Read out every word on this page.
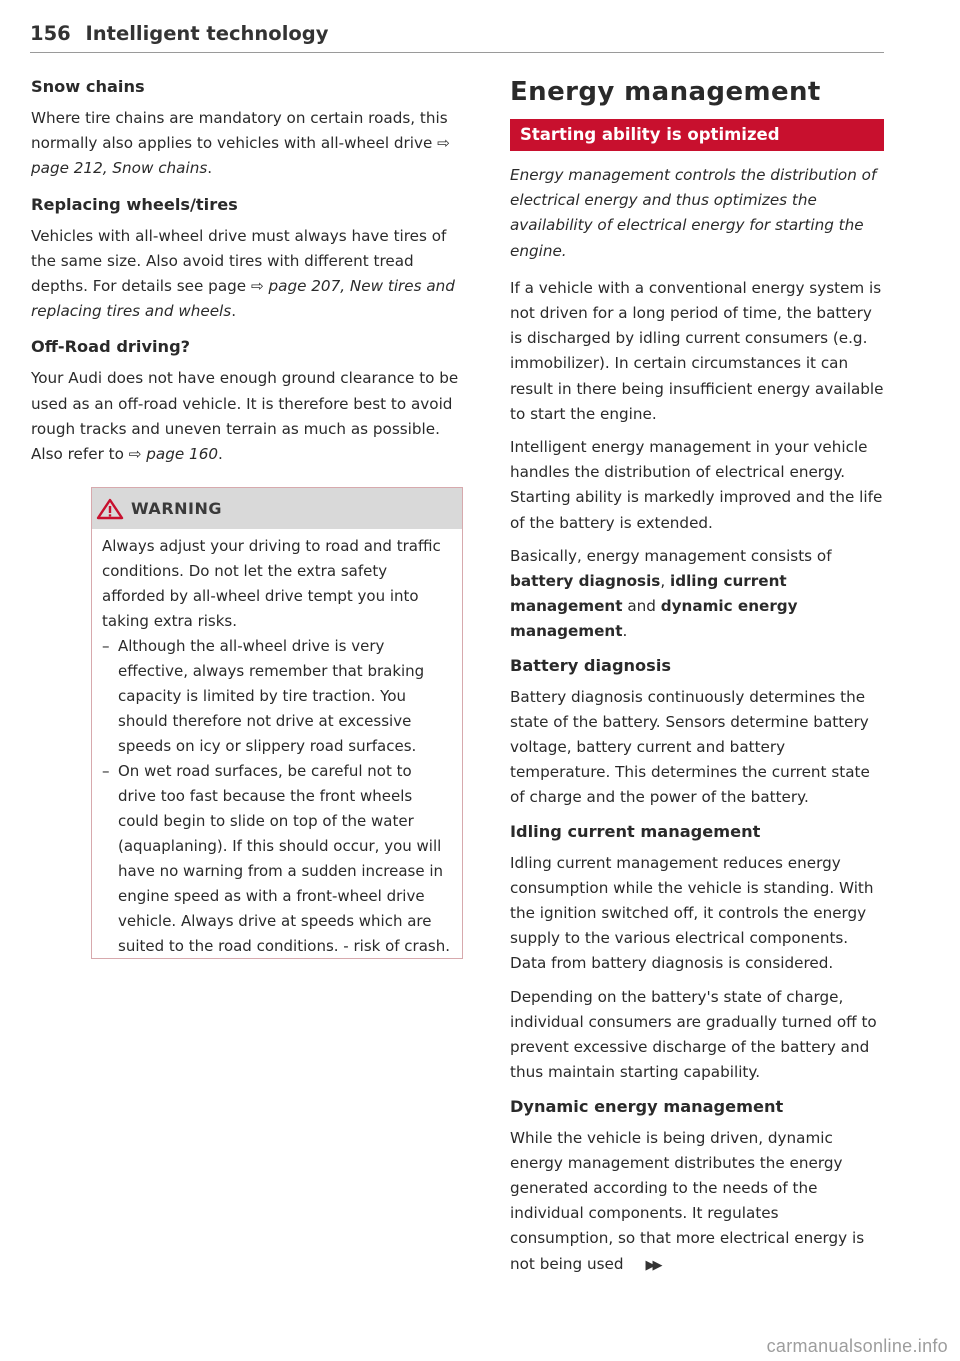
156 Intelligent technology
Snow chains

Where tire chains are mandatory on certain roads, this normally also applies to vehicles with all-wheel drive ⇨ page 212, Snow chains.

Replacing wheels/tires

Vehicles with all-wheel drive must always have tires of the same size. Also avoid tires with different tread depths. For details see page ⇨ page 207, New tires and replacing tires and wheels.

Off-Road driving?

Your Audi does not have enough ground clearance to be used as an off-road vehicle. It is therefore best to avoid rough tracks and uneven terrain as much as possible. Also refer to ⇨ page 160.

WARNING

Always adjust your driving to road and traffic conditions. Do not let the extra safety afforded by all-wheel drive tempt you into taking extra risks.

– Although the all-wheel drive is very effective, always remember that braking capacity is limited by tire traction. You should therefore not drive at excessive speeds on icy or slippery road surfaces.
– On wet road surfaces, be careful not to drive too fast because the front wheels could begin to slide on top of the water (aquaplaning). If this should occur, you will have no warning from a sudden increase in engine speed as with a front-wheel drive vehicle. Always drive at speeds which are suited to the road conditions. - risk of crash.
Energy management
Starting ability is optimized

Energy management controls the distribution of electrical energy and thus optimizes the availability of electrical energy for starting the engine.

If a vehicle with a conventional energy system is not driven for a long period of time, the battery is discharged by idling current consumers (e.g. immobilizer). In certain circumstances it can result in there being insufficient energy available to start the engine.

Intelligent energy management in your vehicle handles the distribution of electrical energy. Starting ability is markedly improved and the life of the battery is extended.

Basically, energy management consists of battery diagnosis, idling current management and dynamic energy management.

Battery diagnosis

Battery diagnosis continuously determines the state of the battery. Sensors determine battery voltage, battery current and battery temperature. This determines the current state of charge and the power of the battery.

Idling current management

Idling current management reduces energy consumption while the vehicle is standing. With the ignition switched off, it controls the energy supply to the various electrical components. Data from battery diagnosis is considered.

Depending on the battery's state of charge, individual consumers are gradually turned off to prevent excessive discharge of the battery and thus maintain starting capability.

Dynamic energy management

While the vehicle is being driven, dynamic energy management distributes the energy generated according to the needs of the individual components. It regulates consumption, so that more electrical energy is not being used ▶▶

carmanualsonline.info
